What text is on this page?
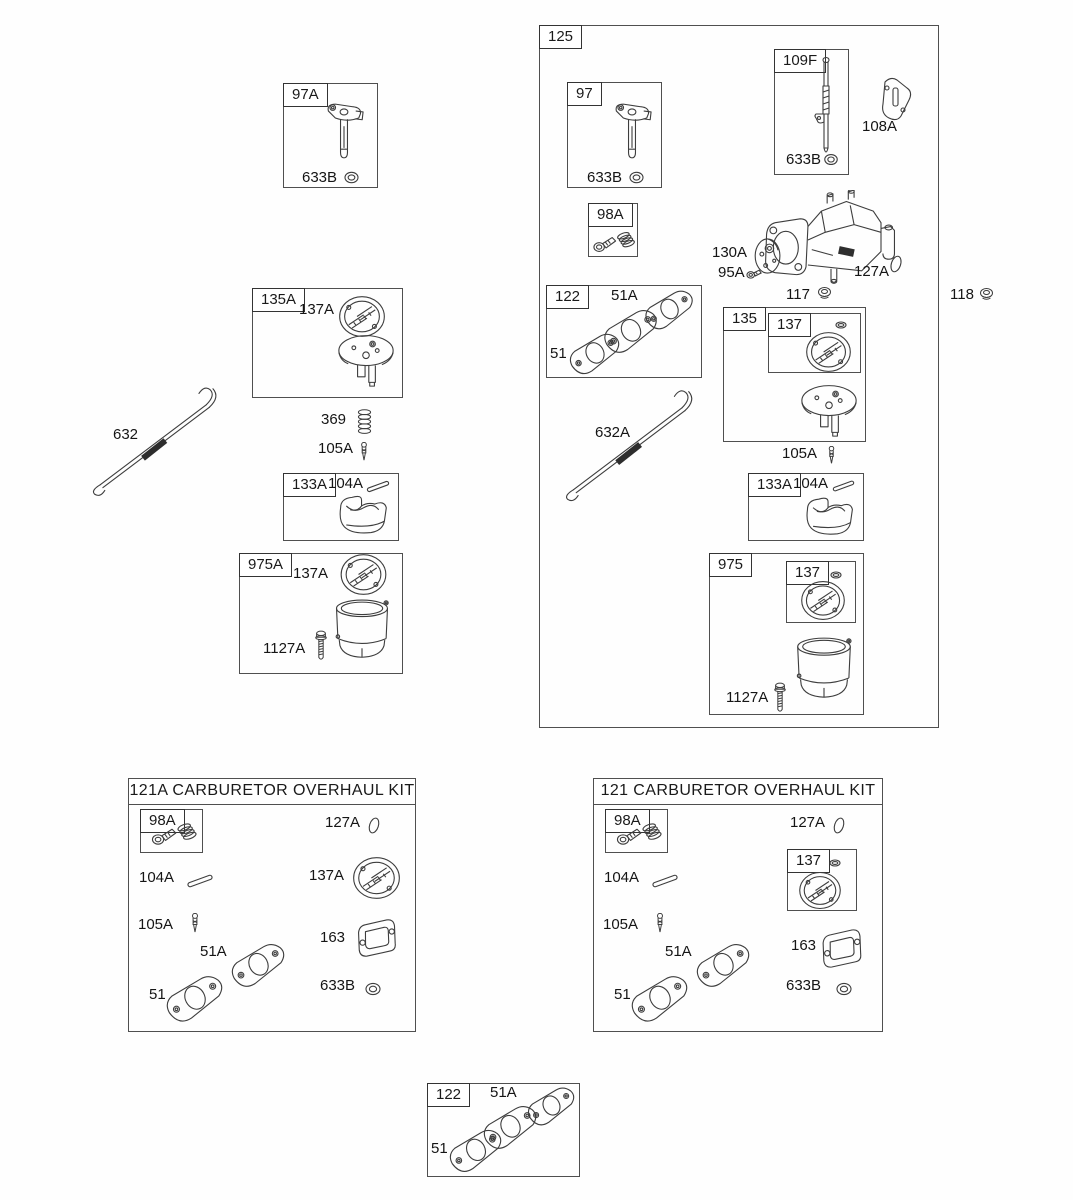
97A
633B
125
97
633B
109F
633B
108A
98A
130A
95A	127A
117	118
122	51A
51
135	137
105A
632A
133A 104A
975	137
1127A
135A
137A
632
369
105A
133A 104A
975A
137A
1127A
121A CARBURETOR OVERHAUL KIT
98A	127A
104A	137A
105A
163
51A
51
633B
121 CARBURETOR OVERHAUL KIT
98A	127A
137
104A
105A
163
51A
51
633B
122	51A
51
